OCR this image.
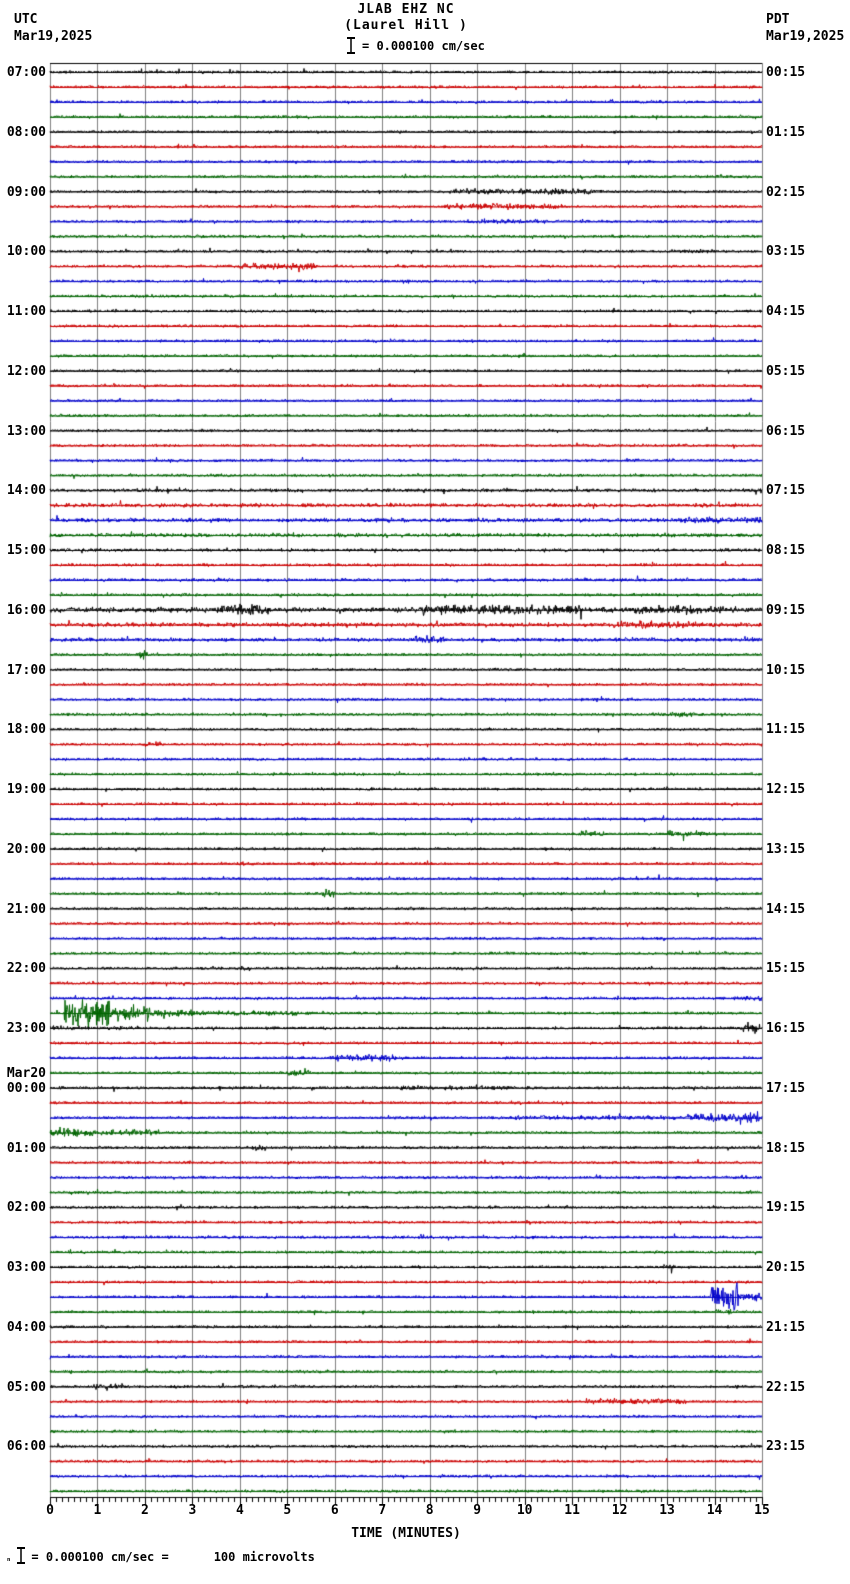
UTC
Mar19,2025
PDT
Mar19,2025
JLAB EHZ NC
(Laurel Hill )
= 0.000100 cm/sec
07:00
08:00
09:00
10:00
11:00
12:00
13:00
14:00
15:00
16:00
17:00
18:00
19:00
20:00
21:00
22:00
23:00
00:00
01:00
02:00
03:00
04:00
05:00
06:00
Mar20
00:15
01:15
02:15
03:15
04:15
05:15
06:15
07:15
08:15
09:15
10:15
11:15
12:15
13:15
14:15
15:15
16:15
17:15
18:15
19:15
20:15
21:15
22:15
23:15
0	1	2	3	4	5	6	7	8	9	10	11	12	13	14	15
TIME (MINUTES)
ₙ = 0.000100 cm/sec =	100 microvolts
